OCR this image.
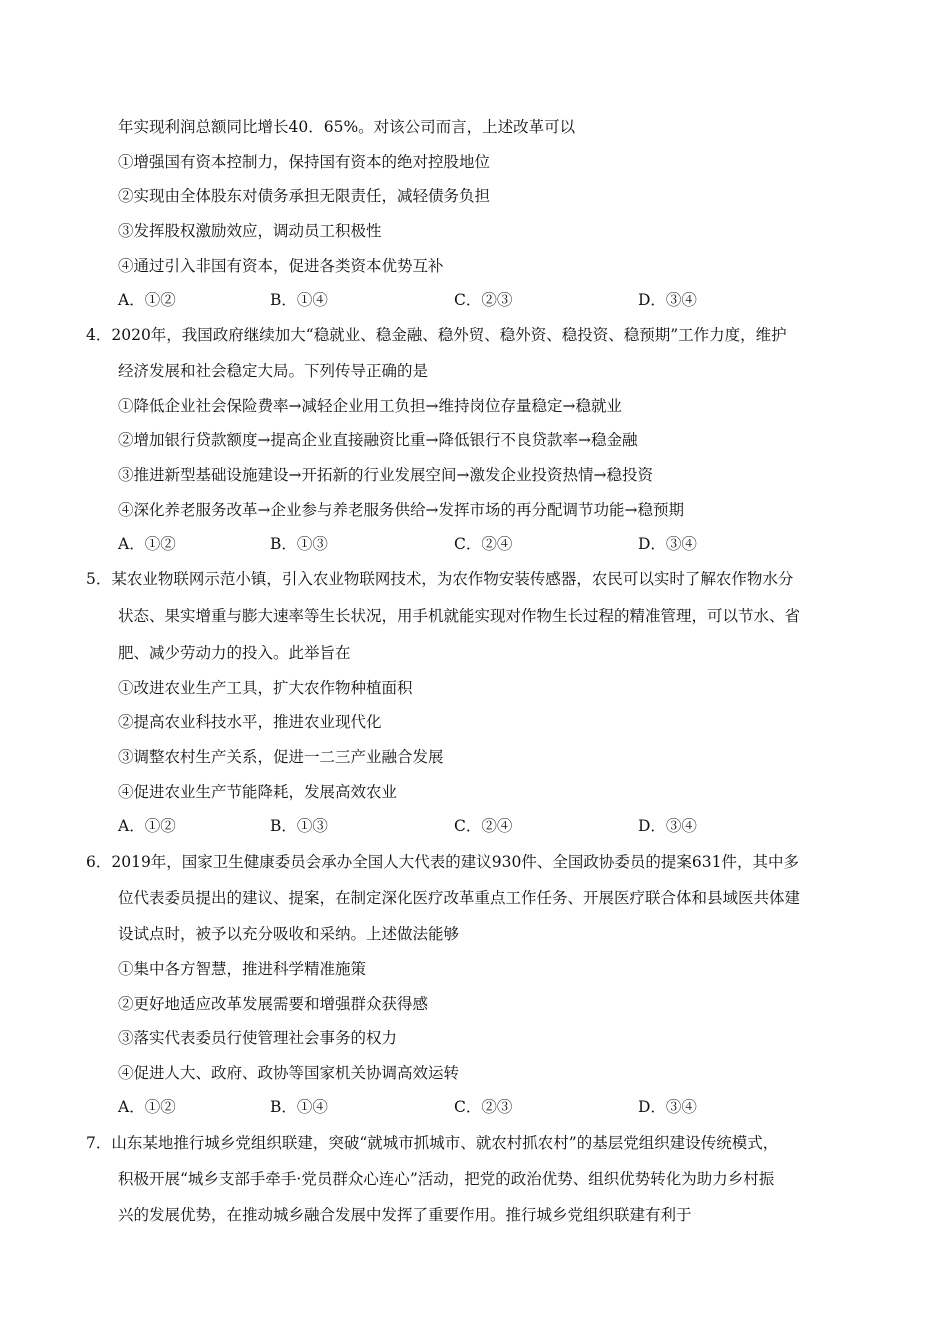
年实现利润总额同比增长40．65%。对该公司而言，上述改革可以
①增强国有资本控制力，保持国有资本的绝对控股地位
②实现由全体股东对债务承担无限责任，减轻债务负担
③发挥股权激励效应，调动员工积极性
④通过引入非国有资本，促进各类资本优势互补
A．①②	B．①④	C．②③	D．③④
4．2020年，我国政府继续加大“稳就业、稳金融、稳外贸、稳外资、稳投资、稳预期”工作力度，维护
经济发展和社会稳定大局。下列传导正确的是
①降低企业社会保险费率→减轻企业用工负担→维持岗位存量稳定→稳就业
②增加银行贷款额度→提高企业直接融资比重→降低银行不良贷款率→稳金融
③推进新型基础设施建设→开拓新的行业发展空间→激发企业投资热情→稳投资
④深化养老服务改革→企业参与养老服务供给→发挥市场的再分配调节功能→稳预期
A．①②	B．①③	C．②④	D．③④
5．某农业物联网示范小镇，引入农业物联网技术，为农作物安装传感器，农民可以实时了解农作物水分
状态、果实增重与膨大速率等生长状况，用手机就能实现对作物生长过程的精准管理，可以节水、省
肥、减少劳动力的投入。此举旨在
①改进农业生产工具，扩大农作物种植面积
②提高农业科技水平，推进农业现代化
③调整农村生产关系，促进一二三产业融合发展
④促进农业生产节能降耗，发展高效农业
A．①②	B．①③	C．②④	D．③④
6．2019年，国家卫生健康委员会承办全国人大代表的建议930件、全国政协委员的提案631件，其中多
位代表委员提出的建议、提案，在制定深化医疗改革重点工作任务、开展医疗联合体和县域医共体建
设试点时，被予以充分吸收和采纳。上述做法能够
①集中各方智慧，推进科学精准施策
②更好地适应改革发展需要和增强群众获得感
③落实代表委员行使管理社会事务的权力
④促进人大、政府、政协等国家机关协调高效运转
A．①②	B．①④	C．②③	D．③④
7．山东某地推行城乡党组织联建，突破“就城市抓城市、就农村抓农村”的基层党组织建设传统模式，
积极开展“城乡支部手牵手·党员群众心连心”活动，把党的政治优势、组织优势转化为助力乡村振
兴的发展优势，在推动城乡融合发展中发挥了重要作用。推行城乡党组织联建有利于
